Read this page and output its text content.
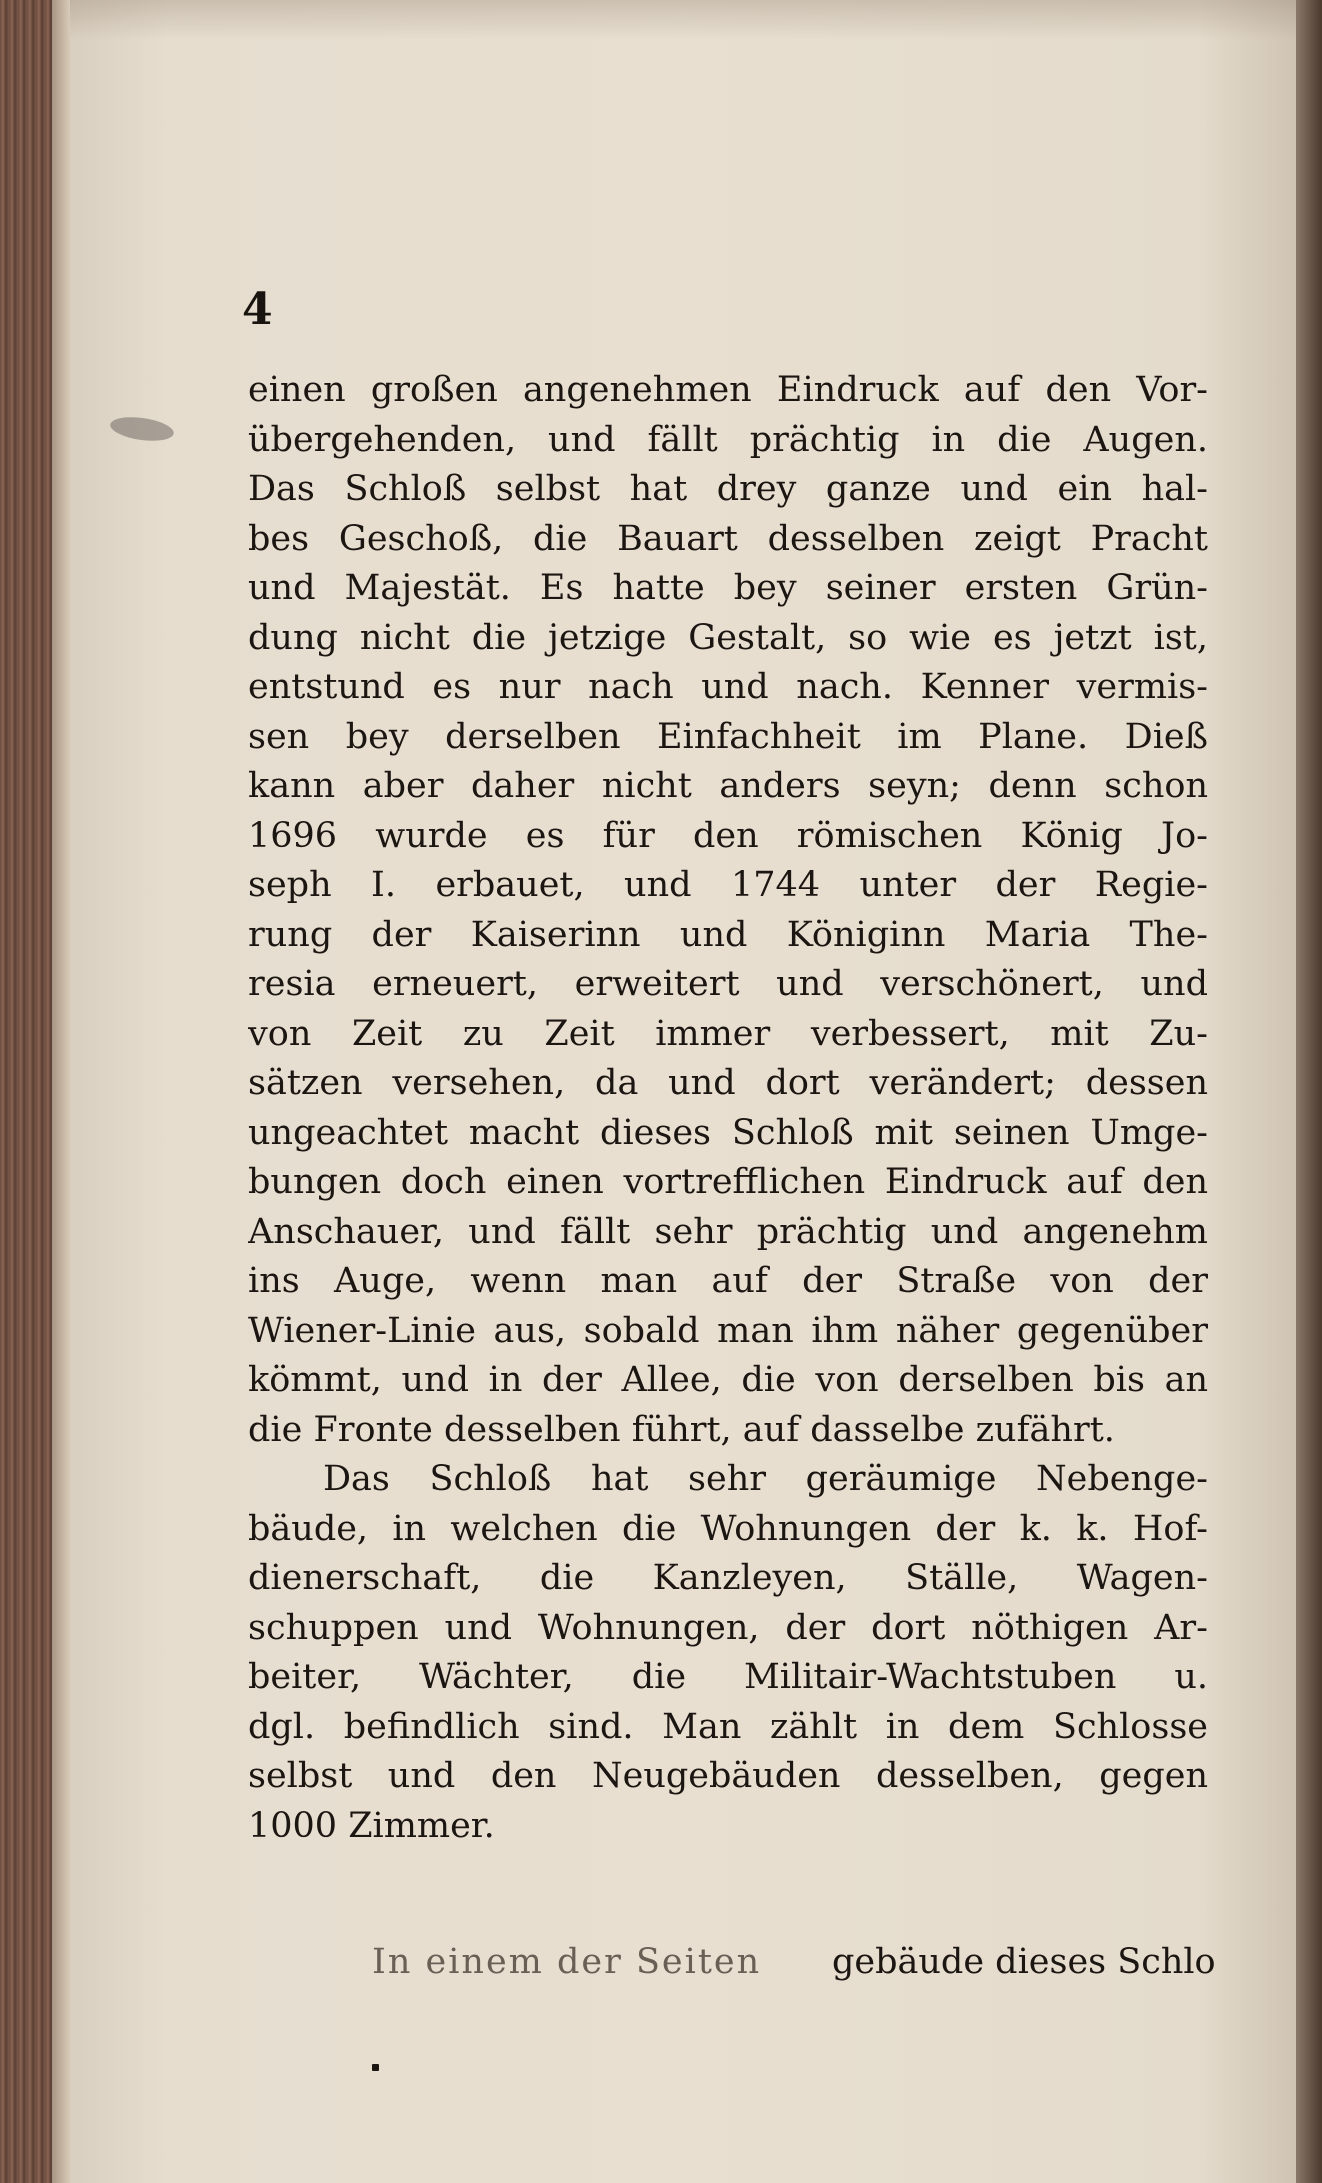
4
einen großen angenehmen Eindruck auf den Vor-
übergehenden, und fällt prächtig in die Augen.
Das Schloß selbst hat drey ganze und ein hal-
bes Geschoß, die Bauart desselben zeigt Pracht
und Majestät. Es hatte bey seiner ersten Grün-
dung nicht die jetzige Gestalt, so wie es jetzt ist,
entstund es nur nach und nach. Kenner vermis-
sen bey derselben Einfachheit im Plane. Dieß
kann aber daher nicht anders seyn; denn schon
1696 wurde es für den römischen König Jo-
seph I. erbauet, und 1744 unter der Regie-
rung der Kaiserinn und Königinn Maria The-
resia erneuert, erweitert und verschönert, und
von Zeit zu Zeit immer verbessert, mit Zu-
sätzen versehen, da und dort verändert; dessen
ungeachtet macht dieses Schloß mit seinen Umge-
bungen doch einen vortrefflichen Eindruck auf den
Anschauer, und fällt sehr prächtig und angenehm
ins Auge, wenn man auf der Straße von der
Wiener-Linie aus, sobald man ihm näher gegenüber
kömmt, und in der Allee, die von derselben bis an
die Fronte desselben führt, auf dasselbe zufährt.
Das Schloß hat sehr geräumige Nebenge-
bäude, in welchen die Wohnungen der k. k. Hof-
dienerschaft, die Kanzleyen, Ställe, Wagen-
schuppen und Wohnungen, der dort nöthigen Ar-
beiter, Wächter, die Militair-Wachtstuben u.
dgl. befindlich sind. Man zählt in dem Schlosse
selbst und den Neugebäuden desselben, gegen
1000 Zimmer.
In einem der Seiten gebäude dieses Schlo
